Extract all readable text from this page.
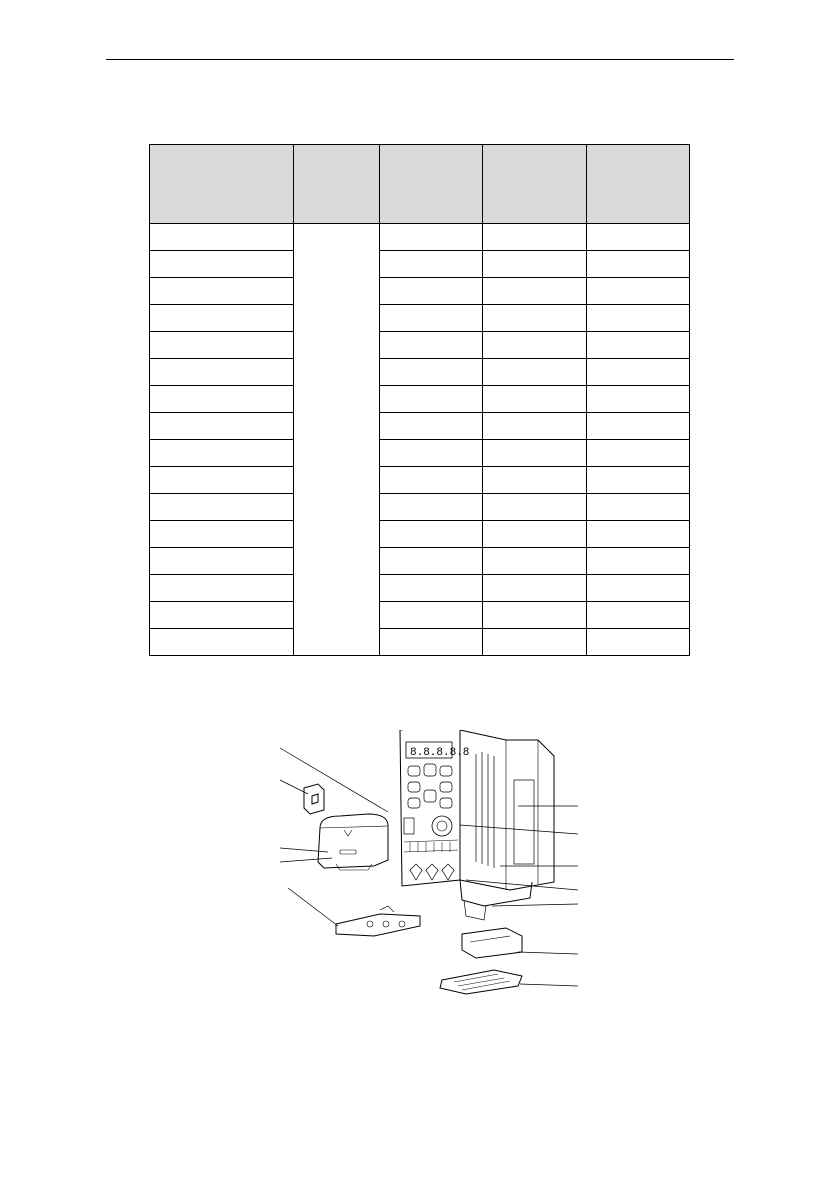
8.8.8.8.8
